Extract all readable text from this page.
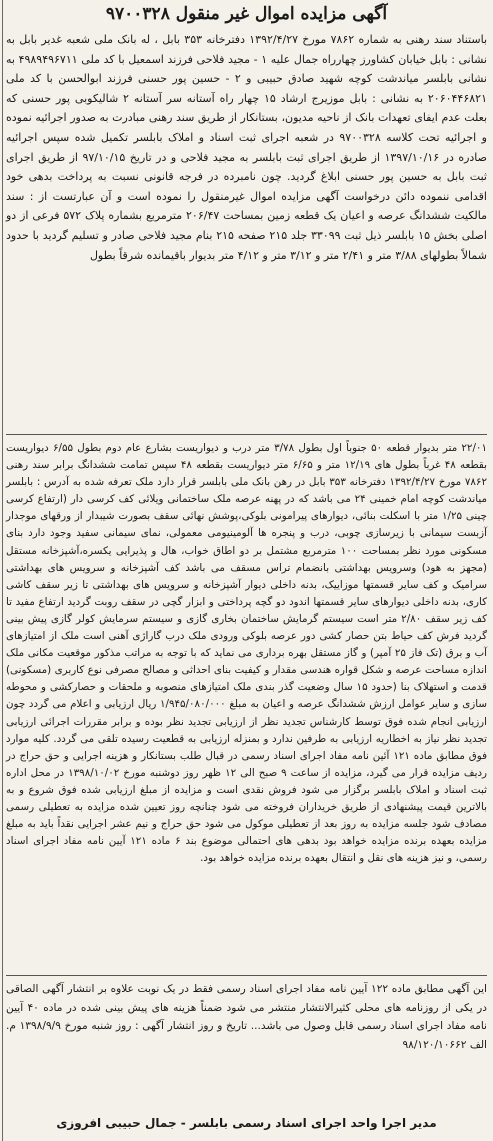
آگهی مزایده اموال غیر منقول ۹۷۰۰۳۲۸
باستناد سند رهنی به شماره ۷۸۶۲ مورخ ۱۳۹۲/۴/۲۷ دفترخانه ۳۵۳ بابل ، له بانک ملی شعبه غدیر بابل به نشانی : بابل خیابان کشاورز چهارراه جمال علیه ۱ - مجید فلاحی فرزند اسمعیل با کد ملی ۴۹۸۹۴۹۶۷۱۱ به نشانی بابلسر میاندشت کوچه شهید صادق حبیبی و ۲ - حسین پور حسنی فرزند ابوالحسن با کد ملی ۲۰۶۰۴۴۶۸۲۱ به نشانی : بابل موزیرج ارشاد ۱۵ چهار راه آستانه سر آستانه ۲ شالیکوبی پور حسنی که بعلت عدم ایفای تعهدات بانک از ناحیه مدیون، بستانکار از طریق سند رهنی مبادرت به صدور اجرائیه نموده و اجرائیه تحت کلاسه ۹۷۰۰۳۲۸ در شعبه اجرای ثبت اسناد و املاک بابلسر تکمیل شده سپس اجرائیه صادره در ۱۳۹۷/۱۰/۱۶ از طریق اجرای ثبت بابلسر به مجید فلاحی و در تاریخ ۹۷/۱۰/۱۵ از طریق اجرای ثبت بابل به حسین پور حسنی ابلاغ گردید. چون نامبرده در فرجه قانونی نسبت به پرداخت بدهی خود اقدامی ننموده دائن درخواست آگهی مزایده اموال غیرمنقول را نموده است و آن عبارتست از : سند مالکیت ششدانگ عرصه و اعیان یک قطعه زمین بمساحت ۲۰۶/۴۷ مترمربع بشماره پلاک ۵۷۲ فرعی از دو اصلی بخش ۱۵ بابلسر ذیل ثبت ۳۳۰۹۹ جلد ۲۱۵ صفحه ۲۱۵ بنام مجید فلاحی صادر و تسلیم گردید با حدود شمالاً بطولهای ۳/۸۸ متر و ۲/۴۱ متر و ۳/۱۲ متر و ۴/۱۲ متر بدیوار باقیمانده شرقاً بطول
۲۲/۰۱ متر بدیوار قطعه ۵۰ جنوباً اول بطول ۳/۷۸ متر درب و دیواریست بشارع عام دوم بطول ۶/۵۵ دیواریست بقطعه ۴۸ غرباً بطول های ۱۲/۱۹ متر و ۶/۶۵ متر دیواریست بقطعه ۴۸ سپس تمامت ششدانگ برابر سند رهنی ۷۸۶۲ مورخ ۱۳۹۲/۴/۲۷ دفترخانه ۳۵۳ بابل در رهن بانک ملی بابلسر قرار دارد ملک تعرفه شده به آدرس : بابلسر میاندشت کوچه امام خمینی ۲۴ می باشد که در پهنه عرصه ملک ساختمانی ویلائی کف کرسی دار (ارتفاع کرسی چینی ۱/۲۵ متر با اسکلت بنائی، دیوارهای پیرامونی بلوکی،پوشش نهائی سقف بصورت شیبدار از ورقهای موجدار آزبست سیمانی با زیرسازی چوبی، درب و پنجره ها آلومینیومی معمولی، نمای سیمانی سفید وجود دارد بنای مسکونی مورد نظر بمساحت ۱۰۰ مترمربع مشتمل بر دو اطاق خواب، هال و پذیرایی یکسره،آشپزخانه مستقل (مجهز به هود) وسرویس بهداشتی بانضمام تراس مسقف می باشد کف آشپزخانه و سرویس های بهداشتی سرامیک و کف سایر قسمتها موزاییک، بدنه داخلی دیوار آشپزخانه و سرویس های بهداشتی تا زیر سقف کاشی کاری، بدنه داخلی دیوارهای سایر قسمتها اندود دو گچه پرداختی و ابزار گچی در سقف روبت گردید ارتفاع مفید تا کف زیر سقف ۲/۸۰ متر است سیستم گرمایش ساختمان بخاری گازی و سیستم سرمایش کولر گازی پیش بینی گردید فرش کف حیاط بتن حصار کشی دور عرصه بلوکی ورودی ملک درب گاراژی آهنی است ملک از امتیازهای آب و برق (تک فاز ۲۵ آمپر) و گاز مستقل بهره برداری می نماید که با توجه به مراتب مذکور موقعیت مکانی ملک اندازه مساحت عرصه و شکل قواره هندسی مقدار و کیفیت بنای احداثی و مصالح مصرفی نوع کاربری (مسکونی) قدمت و استهلاک بنا (حدود ۱۵ سال وضعیت گذر بندی ملک امتیازهای منصوبه و ملحقات و حصارکشی و محوطه سازی و سایر عوامل ارزش ششدانگ عرصه و اعیان به مبلغ ۱/۹۴۵/۰۸۰/۰۰۰ ریال ارزیابی و اعلام می گردد چون ارزیابی انجام شده فوق توسط کارشناس تجدید نظر از ارزیابی تجدید نظر بوده و برابر مقررات اجرائی ارزیابی تجدید نظر نیاز به اخطاریه ارزیابی به طرفین ندارد و بمنزله ارزیابی به قطعیت رسیده تلقی می گردد. کلیه موارد فوق مطابق ماده ۱۲۱ آئین نامه مفاد اجرای اسناد رسمی در قبال طلب بستانکار و هزینه اجرایی و حق حراج در ردیف مزایده قرار می گیرد، مزایده از ساعت ۹ صبح الی ۱۲ ظهر روز دوشنبه مورخ ۱۳۹۸/۱۰/۰۲ در محل اداره ثبت اسناد و املاک بابلسر برگزار می شود فروش نقدی است و مزایده از مبلغ ارزیابی شده فوق شروع و به بالاترین قیمت پیشنهادی از طریق خریداران فروخته می شود چنانچه روز تعیین شده مزایده به تعطیلی رسمی مصادف شود جلسه مزایده به روز بعد از تعطیلی موکول می شود حق حراج و نیم عشر اجرایی نقداً باید به مبلغ مزایده بعهده برنده مزایده خواهد بود بدهی های احتمالی موضوع بند ۶ ماده ۱۲۱ آیین نامه مفاد اجرای اسناد رسمی، و نیز هزینه های نقل و انتقال بعهده برنده مزایده خواهد بود.
این آگهی مطابق ماده ۱۲۲ آیین نامه مفاد اجرای اسناد رسمی فقط در یک نوبت علاوه بر انتشار آگهی الصاقی در یکی از روزنامه های محلی کثیرالانتشار منتشر می شود ضمناً هزینه های پیش بینی شده در ماده ۴۰ آیین نامه مفاد اجرای اسناد رسمی قابل وصول می باشد... تاریخ و روز انتشار آگهی : روز شنبه مورخ ۱۳۹۸/۹/۹ م. الف ۹۸/۱۲۰/۱۰۶۶۲
مدیر اجرا واحد اجرای اسناد رسمی بابلسر - جمال حبیبی افروزی
